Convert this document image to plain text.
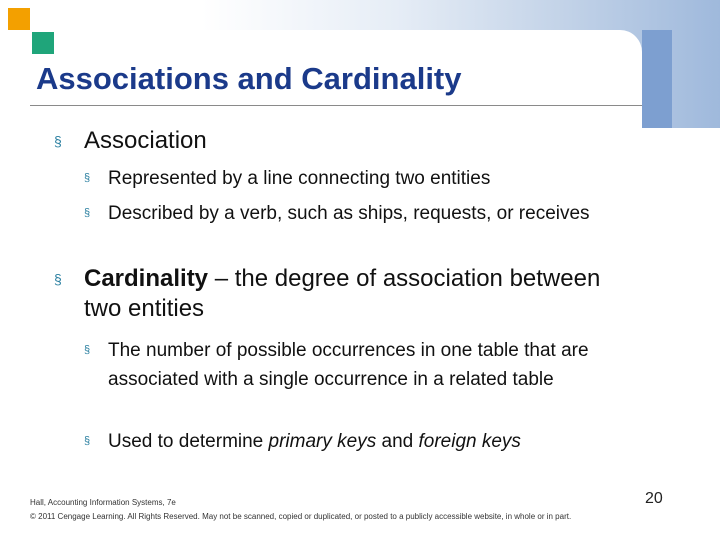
Associations and Cardinality
§ Association
§ Represented by a line connecting two entities
§ Described by a verb, such as ships, requests, or receives
§ Cardinality – the degree of association between two entities
§ The number of possible occurrences in one table that are associated with a single occurrence in a related table
§ Used to determine primary keys and foreign keys
Hall, Accounting Information Systems, 7e
© 2011 Cengage Learning. All Rights Reserved. May not be scanned, copied or duplicated, or posted to a publicly accessible website, in whole or in part.
20
